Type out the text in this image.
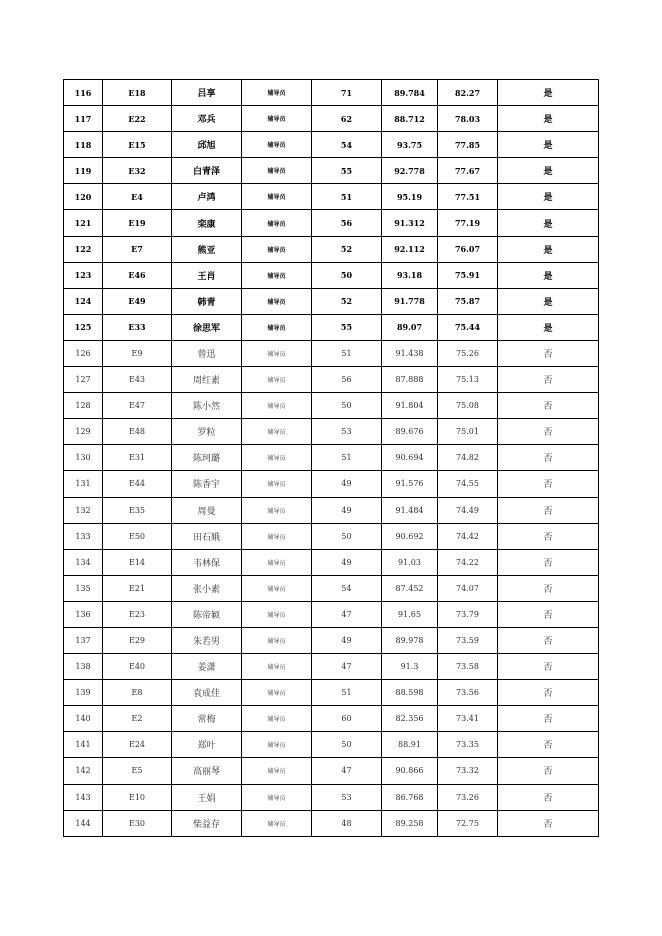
116	E18	吕享	辅导员	71	89.784	82.27	是
117	E22	邓兵	辅导员	62	88.712	78.03	是
118	E15	邱旭	辅导员	54	93.75	77.85	是
119	E32	白青泽	辅导员	55	92.778	77.67	是
120	E4	卢鸿	辅导员	51	95.19	77.51	是
121	E19	栾康	辅导员	56	91.312	77.19	是
122	E7	熊亚	辅导员	52	92.112	76.07	是
123	E46	王肖	辅导员	50	93.18	75.91	是
124	E49	韩青	辅导员	52	91.778	75.87	是
125	E33	徐思军	辅导员	55	89.07	75.44	是
126	E9	曾迅	辅导员	51	91.438	75.26	否
127	E43	周红素	辅导员	56	87.888	75.13	否
128	E47	陈小然	辅导员	50	91.804	75.08	否
129	E48	罗粒	辅导员	53	89.676	75.01	否
130	E31	陈珂璐	辅导员	51	90.694	74.82	否
131	E44	陈香宇	辅导员	49	91.576	74.55	否
132	E35	周曼	辅导员	49	91.484	74.49	否
133	E50	田石娥	辅导员	50	90.692	74.42	否
134	E14	韦林保	辅导员	49	91.03	74.22	否
135	E21	张小素	辅导员	54	87.452	74.07	否
136	E23	陈帝颖	辅导员	47	91.65	73.79	否
137	E29	朱若男	辅导员	49	89.978	73.59	否
138	E40	姜潇	辅导员	47	91.3	73.58	否
139	E8	袁成佳	辅导员	51	88.598	73.56	否
140	E2	常梅	辅导员	60	82.356	73.41	否
141	E24	郑叶	辅导员	50	88.91	73.35	否
142	E5	高丽琴	辅导员	47	90.866	73.32	否
143	E10	王娟	辅导员	53	86.768	73.26	否
144	E30	柴益存	辅导员	48	89.258	72.75	否
